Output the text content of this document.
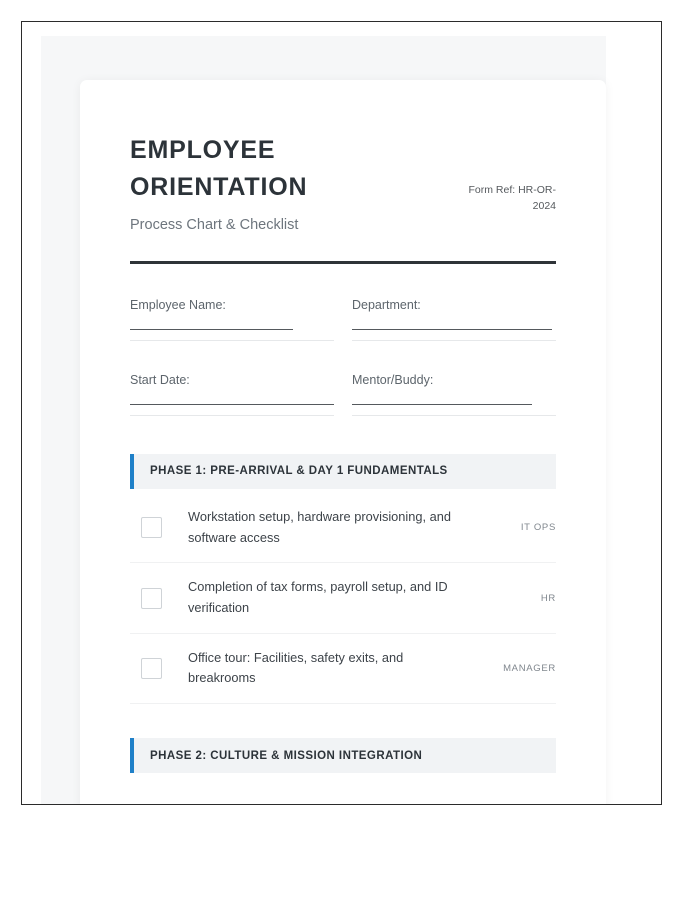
EMPLOYEE ORIENTATION

Process Chart & Checklist

Form Ref: HR-OR-2024
Employee Name:	Department:
Start Date:	Mentor/Buddy:
PHASE 1: PRE-ARRIVAL & DAY 1 FUNDAMENTALS
Workstation setup, hardware provisioning, and software access
IT OPS
Completion of tax forms, payroll setup, and ID verification
HR
Office tour: Facilities, safety exits, and breakrooms
MANAGER
PHASE 2: CULTURE & MISSION INTEGRATION
